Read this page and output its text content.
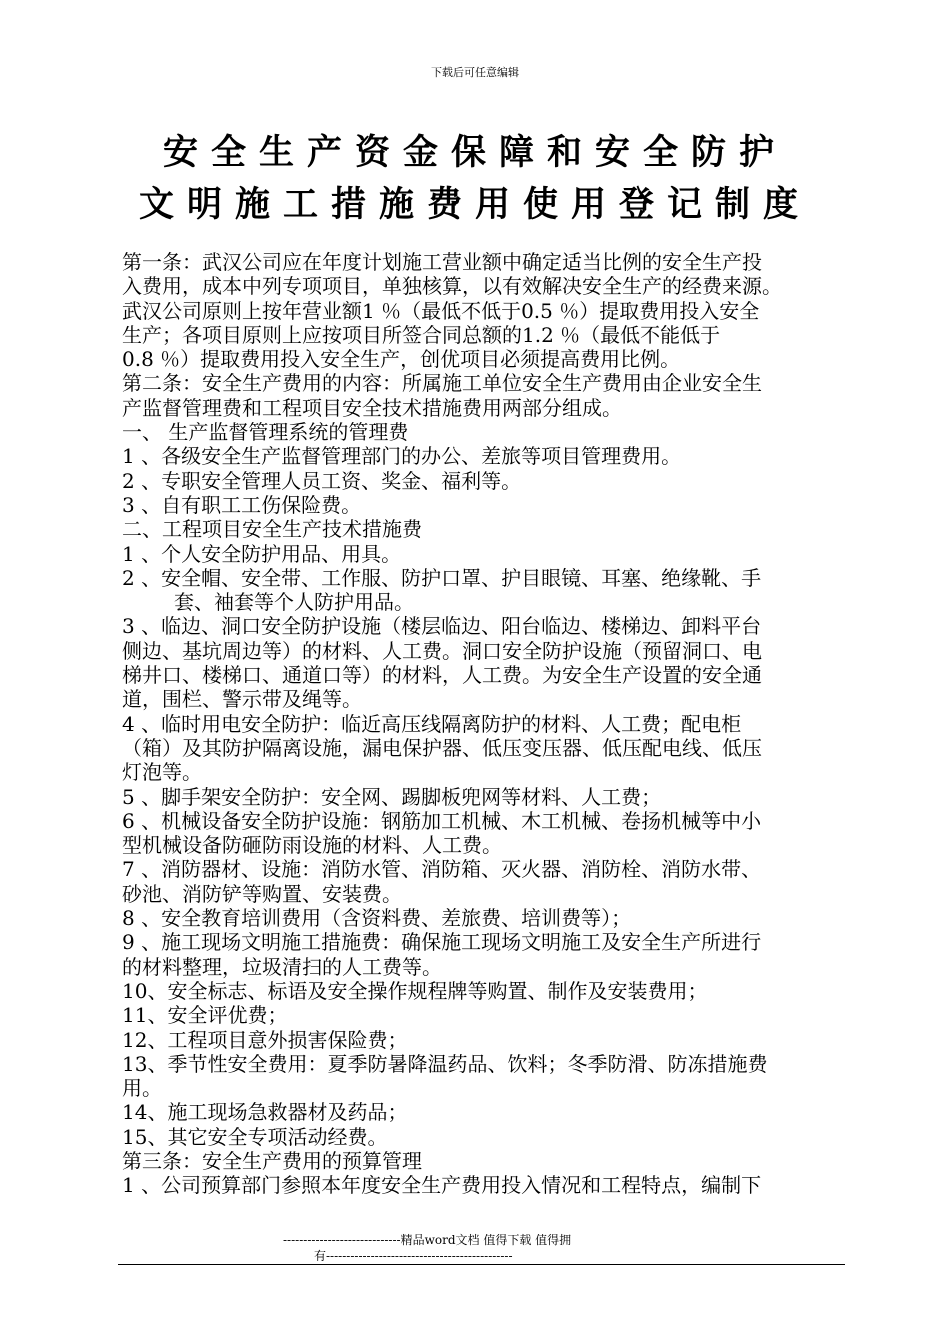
下载后可任意编辑
安全生产资金保障和安全防护
文明施工措施费用使用登记制度
第一条：武汉公司应在年度计划施工营业额中确定适当比例的安全生产投
入费用，成本中列专项项目，单独核算，以有效解决安全生产的经费来源。
武汉公司原则上按年营业额1 ％（最低不低于0.5 ％）提取费用投入安全
生产；各项目原则上应按项目所签合同总额的1.2 ％（最低不能低于
0.8 ％）提取费用投入安全生产，创优项目必须提高费用比例。
第二条：安全生产费用的内容：所属施工单位安全生产费用由企业安全生
产监督管理费和工程项目安全技术措施费用两部分组成。
一、 生产监督管理系统的管理费
1 、各级安全生产监督管理部门的办公、差旅等项目管理费用。
2 、专职安全管理人员工资、奖金、福利等。
3 、自有职工工伤保险费。
二、工程项目安全生产技术措施费
1 、个人安全防护用品、用具。
2 、安全帽、安全带、工作服、防护口罩、护目眼镜、耳塞、绝缘靴、手
套、袖套等个人防护用品。
3 、临边、洞口安全防护设施（楼层临边、阳台临边、楼梯边、卸料平台
侧边、基坑周边等）的材料、人工费。洞口安全防护设施（预留洞口、电
梯井口、楼梯口、通道口等）的材料，人工费。为安全生产设置的安全通
道，围栏、警示带及绳等。
4 、临时用电安全防护：临近高压线隔离防护的材料、人工费；配电柜
（箱）及其防护隔离设施，漏电保护器、低压变压器、低压配电线、低压
灯泡等。
5 、脚手架安全防护：安全网、踢脚板兜网等材料、人工费；
6 、机械设备安全防护设施：钢筋加工机械、木工机械、卷扬机械等中小
型机械设备防砸防雨设施的材料、人工费。
7 、消防器材、设施：消防水管、消防箱、灭火器、消防栓、消防水带、
砂池、消防铲等购置、安装费。
8 、安全教育培训费用（含资料费、差旅费、培训费等）；
9 、施工现场文明施工措施费：确保施工现场文明施工及安全生产所进行
的材料整理，垃圾清扫的人工费等。
10、安全标志、标语及安全操作规程牌等购置、制作及安装费用；
11、安全评优费；
12、工程项目意外损害保险费；
13、季节性安全费用：夏季防暑降温药品、饮料；冬季防滑、防冻措施费
用。
14、施工现场急救器材及药品；
15、其它安全专项活动经费。
第三条：安全生产费用的预算管理
1 、公司预算部门参照本年度安全生产费用投入情况和工程特点，编制下
-----------------------------精品word文档 值得下载 值得拥
有----------------------------------------------
